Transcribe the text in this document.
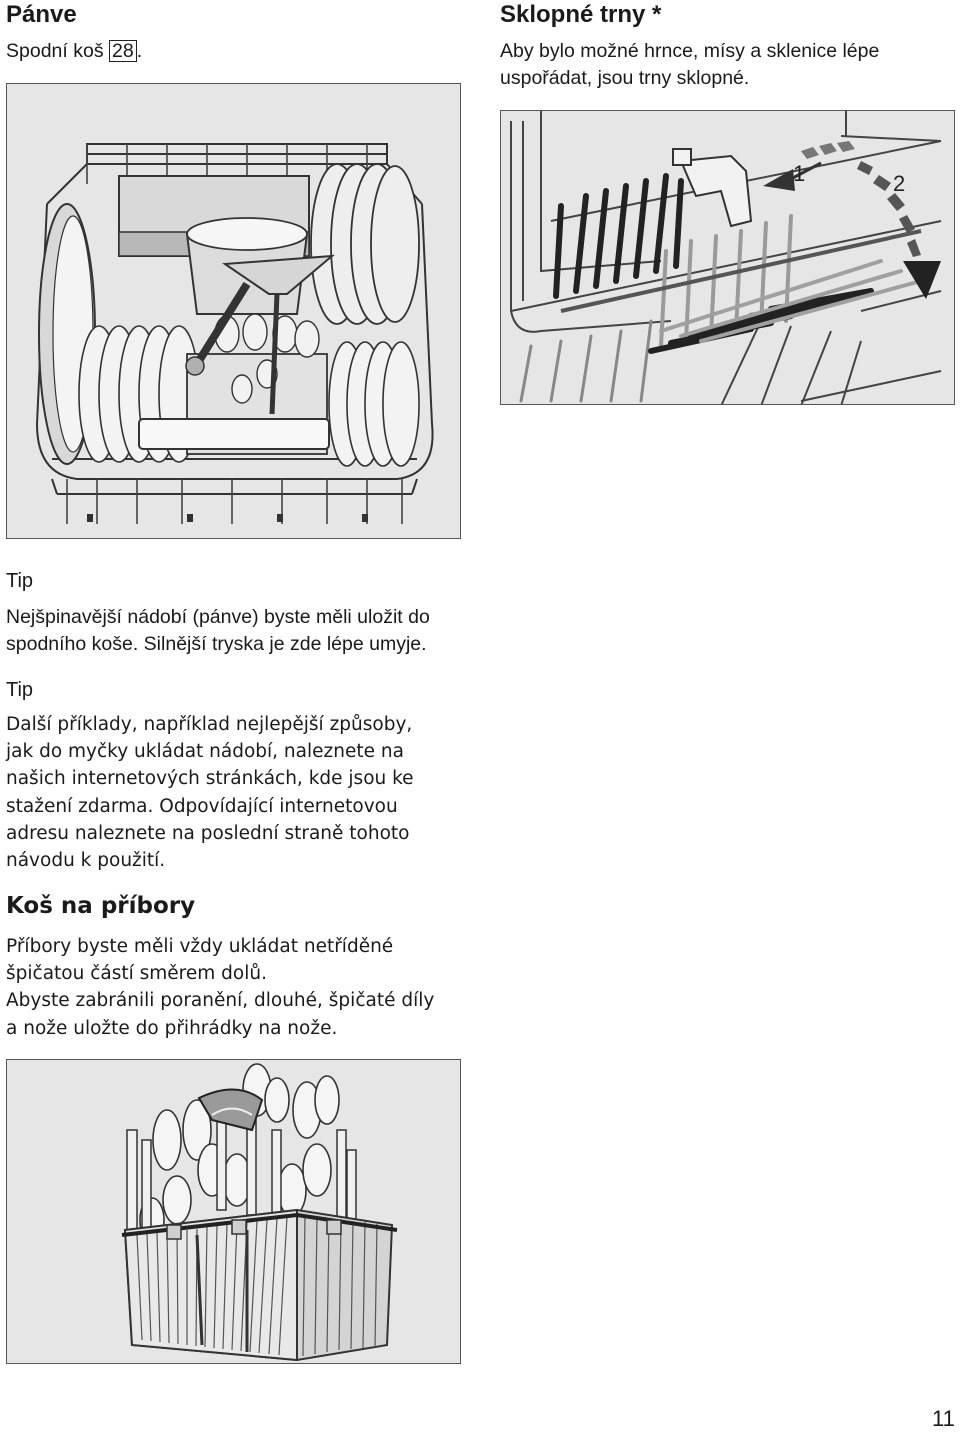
Pánve
Spodní koš 28 .
Sklopné trny *
Aby bylo možné hrnce, mísy a sklenice lépe
uspořádat, jsou trny sklopné.
1	2
Tip
Nejšpinavější nádobí (pánve) byste měli uložit do
spodního koše. Silnější tryska je zde lépe umyje.
Tip
Další příklady, například nejlepější způsoby,
jak do myčky ukládat nádobí, naleznete na
našich internetových stránkách, kde jsou ke
stažení zdarma. Odpovídající internetovou
adresu naleznete na poslední straně tohoto
návodu k použití.
Koš na příbory
Příbory byste měli vždy ukládat netříděné
špičatou částí směrem dolů.
Abyste zabránili poranění, dlouhé, špičaté díly
a nože uložte do přihrádky na nože.
11
